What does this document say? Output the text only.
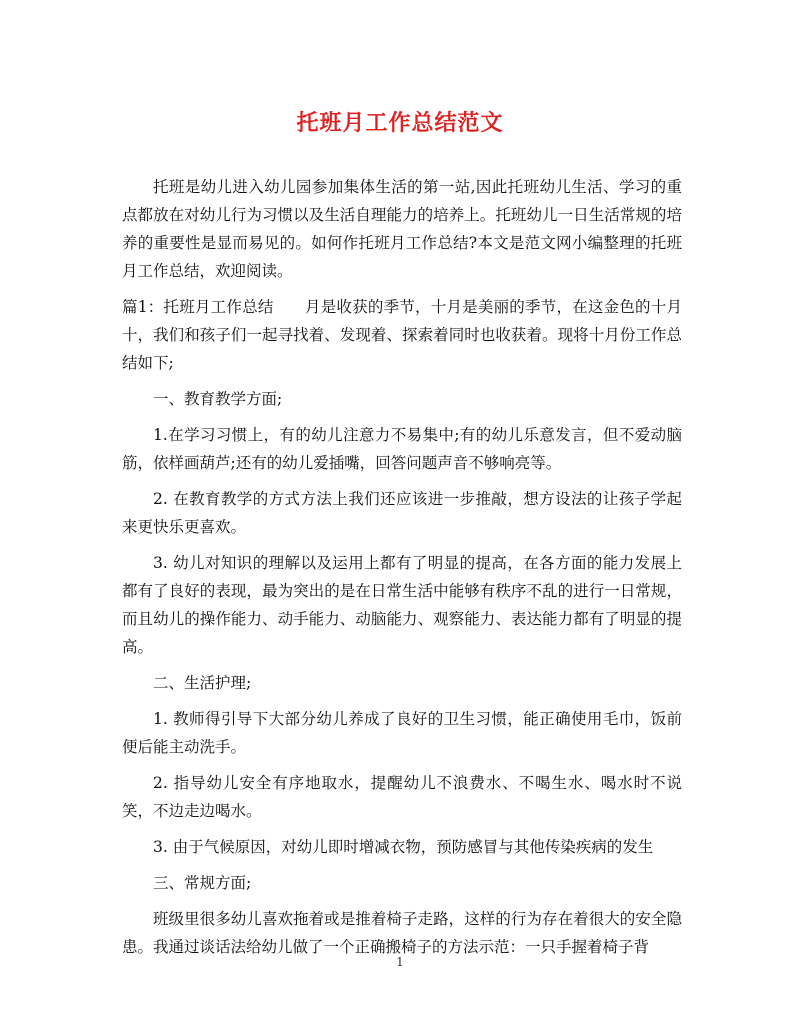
托班月工作总结范文

托班是幼儿进入幼儿园参加集体生活的第一站,因此托班幼儿生活、学习的重点都放在对幼儿行为习惯以及生活自理能力的培养上。托班幼儿一日生活常规的培养的重要性是显而易见的。如何作托班月工作总结?本文是范文网小编整理的托班月工作总结，欢迎阅读。

篇1：托班月工作总结　　月是收获的季节，十月是美丽的季节，在这金色的十月十，我们和孩子们一起寻找着、发现着、探索着同时也收获着。现将十月份工作总结如下;

一、教育教学方面;

1.在学习习惯上，有的幼儿注意力不易集中;有的幼儿乐意发言，但不爱动脑筋，依样画葫芦;还有的幼儿爱插嘴，回答问题声音不够响亮等。

2. 在教育教学的方式方法上我们还应该进一步推敲，想方设法的让孩子学起来更快乐更喜欢。

3. 幼儿对知识的理解以及运用上都有了明显的提高，在各方面的能力发展上都有了良好的表现，最为突出的是在日常生活中能够有秩序不乱的进行一日常规，而且幼儿的操作能力、动手能力、动脑能力、观察能力、表达能力都有了明显的提高。

二、生活护理;

1. 教师得引导下大部分幼儿养成了良好的卫生习惯，能正确使用毛巾，饭前便后能主动洗手。

2. 指导幼儿安全有序地取水，提醒幼儿不浪费水、不喝生水、喝水时不说笑，不边走边喝水。

3. 由于气候原因，对幼儿即时增减衣物，预防感冒与其他传染疾病的发生

三、常规方面;

班级里很多幼儿喜欢拖着或是推着椅子走路，这样的行为存在着很大的安全隐患。我通过谈话法给幼儿做了一个正确搬椅子的方法示范：一只手握着椅子背

1
